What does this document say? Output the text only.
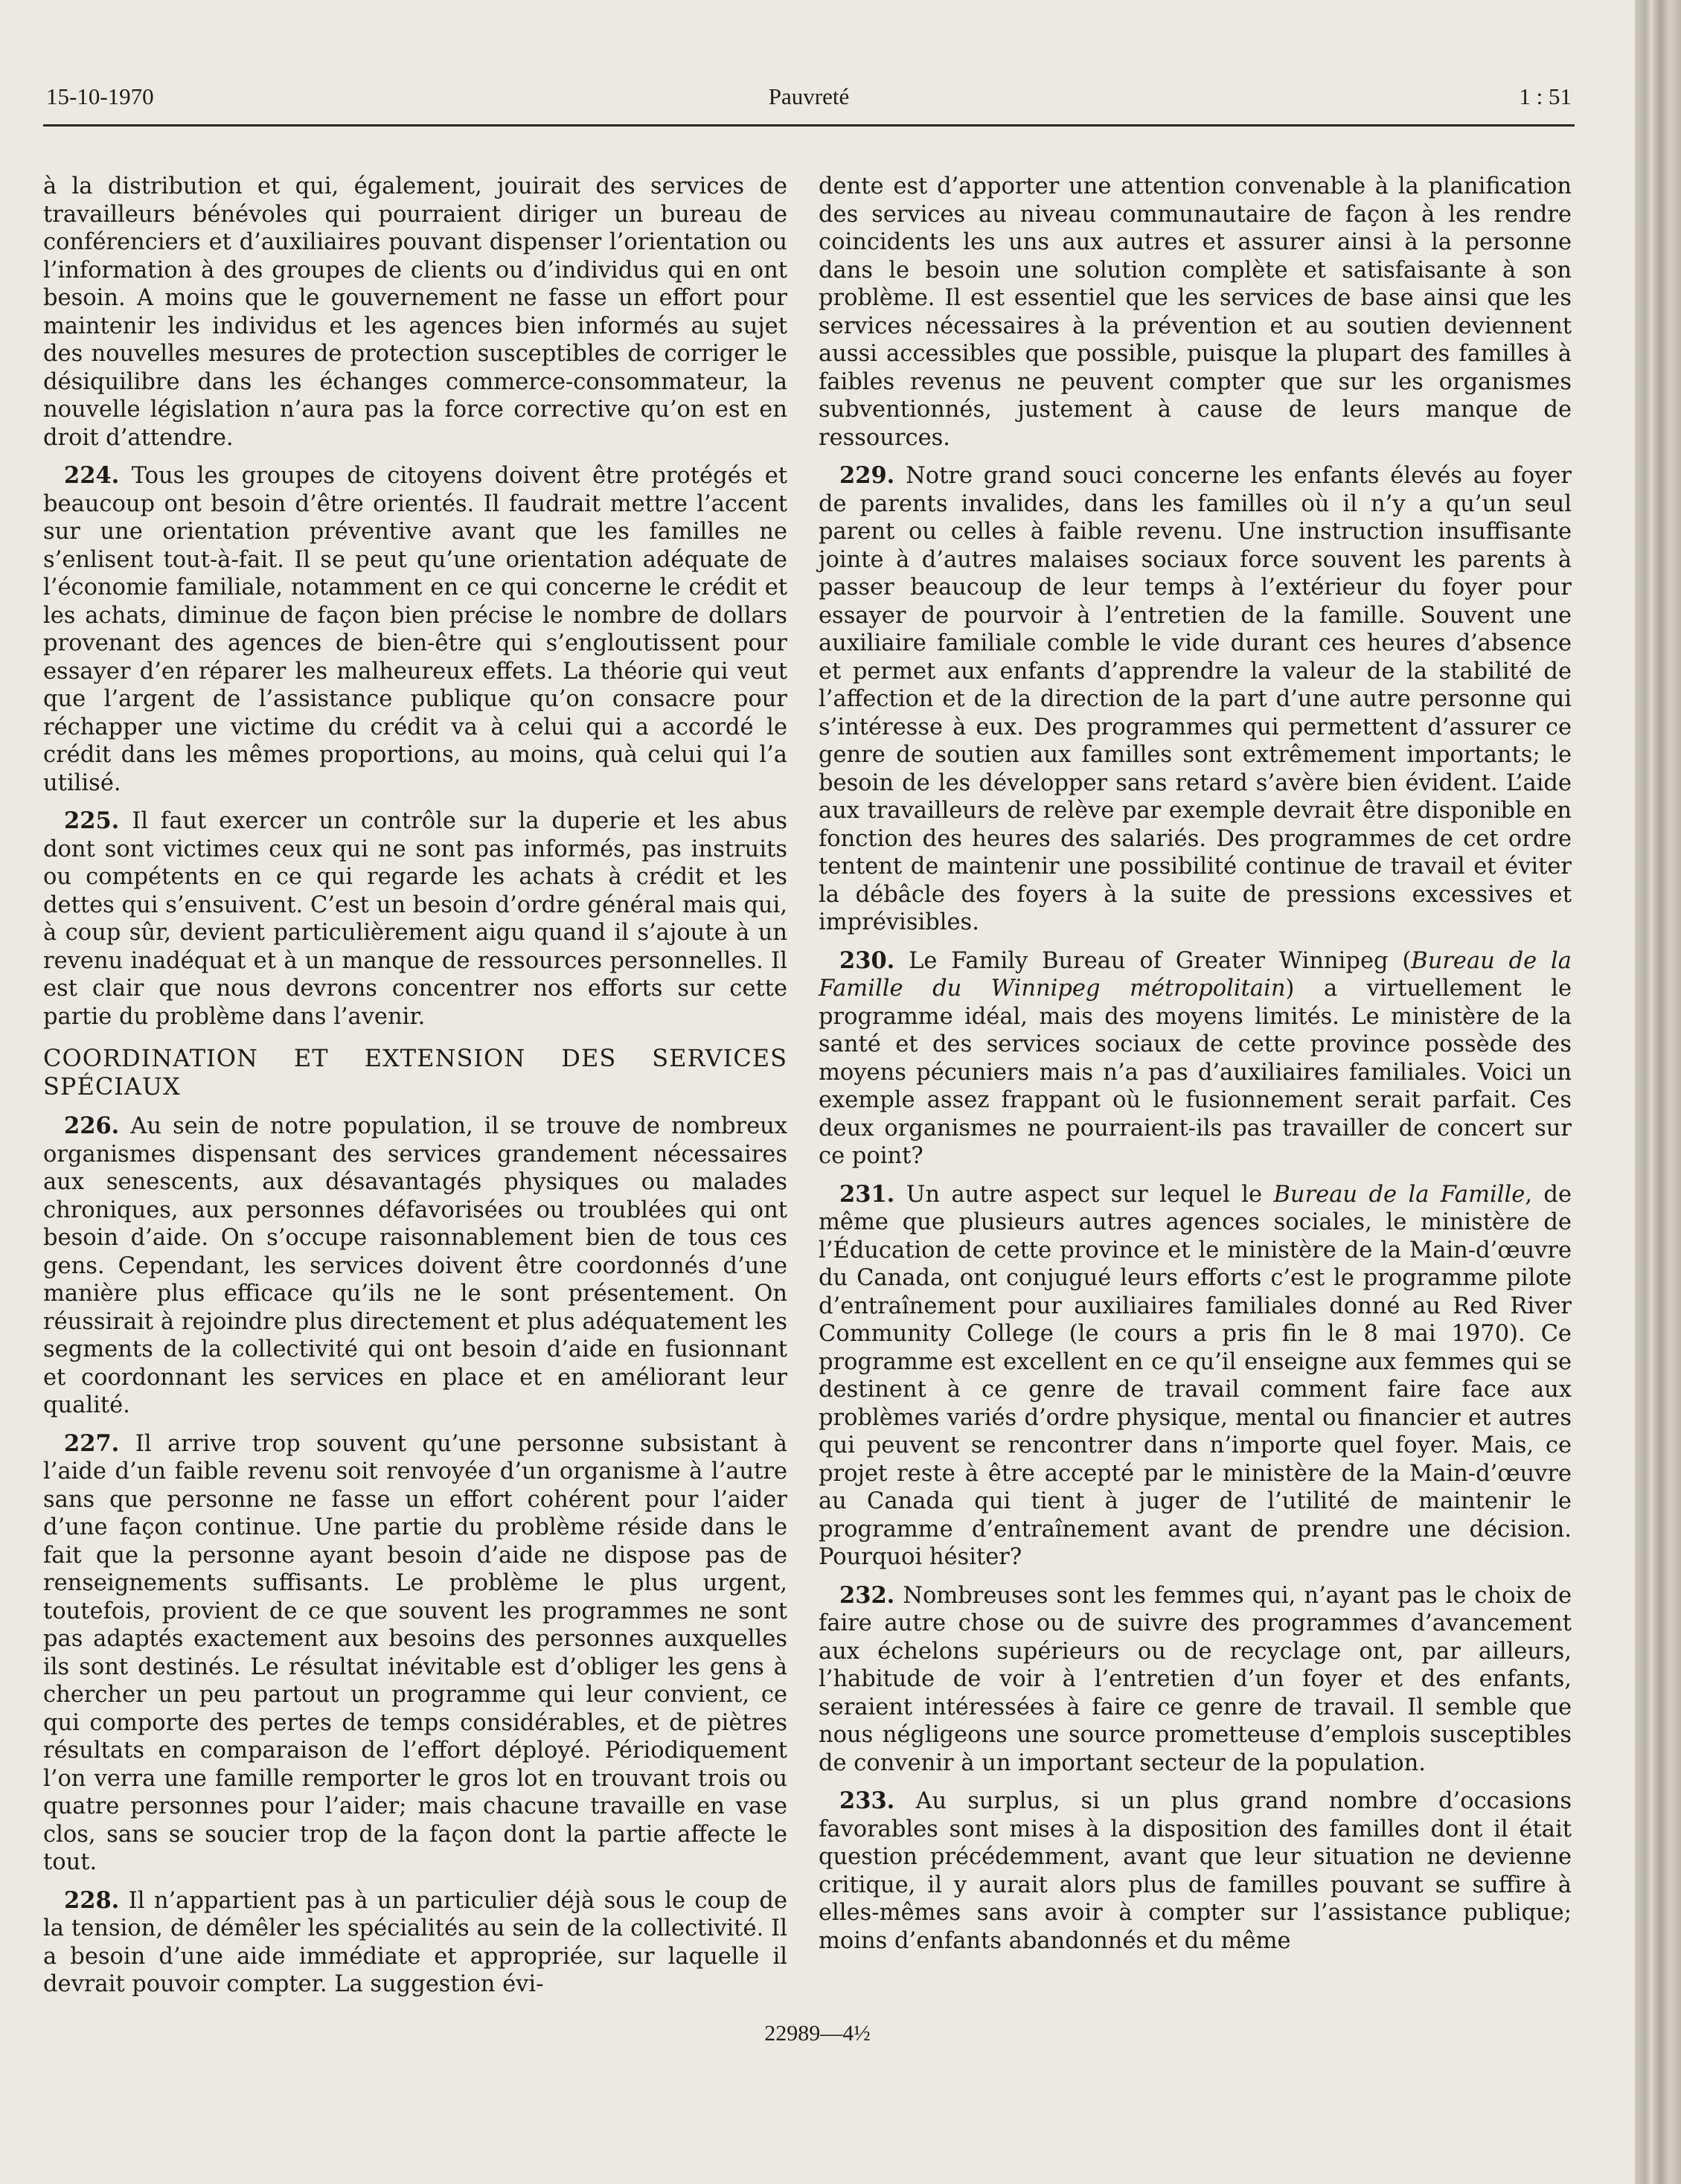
15-10-1970	Pauvreté	1 : 51

à la distribution et qui, également, jouirait des services de travailleurs bénévoles qui pourraient diriger un bureau de conférenciers et d’auxiliaires pouvant dispenser l’orientation ou l’information à des groupes de clients ou d’individus qui en ont besoin. A moins que le gouvernement ne fasse un effort pour maintenir les individus et les agences bien informés au sujet des nouvelles mesures de protection susceptibles de corriger le désiquilibre dans les échanges commerce-consommateur, la nouvelle législation n’aura pas la force corrective qu’on est en droit d’attendre.

224. Tous les groupes de citoyens doivent être protégés et beaucoup ont besoin d’être orientés. Il faudrait mettre l’accent sur une orientation préventive avant que les familles ne s’enlisent tout-à-fait. Il se peut qu’une orientation adéquate de l’économie familiale, notamment en ce qui concerne le crédit et les achats, diminue de façon bien précise le nombre de dollars provenant des agences de bien-être qui s’engloutissent pour essayer d’en réparer les malheureux effets. La théorie qui veut que l’argent de l’assistance publique qu’on consacre pour réchapper une victime du crédit va à celui qui a accordé le crédit dans les mêmes proportions, au moins, quà celui qui l’a utilisé.

225. Il faut exercer un contrôle sur la duperie et les abus dont sont victimes ceux qui ne sont pas informés, pas instruits ou compétents en ce qui regarde les achats à crédit et les dettes qui s’ensuivent. C’est un besoin d’ordre général mais qui, à coup sûr, devient particulièrement aigu quand il s’ajoute à un revenu inadéquat et à un manque de ressources personnelles. Il est clair que nous devrons concentrer nos efforts sur cette partie du problème dans l’avenir.

COORDINATION ET EXTENSION DES SERVICES SPÉCIAUX

226. Au sein de notre population, il se trouve de nombreux organismes dispensant des services grandement nécessaires aux senescents, aux désavantagés physiques ou malades chroniques, aux personnes défavorisées ou troublées qui ont besoin d’aide. On s’occupe raisonnablement bien de tous ces gens. Cependant, les services doivent être coordonnés d’une manière plus efficace qu’ils ne le sont présentement. On réussirait à rejoindre plus directement et plus adéquatement les segments de la collectivité qui ont besoin d’aide en fusionnant et coordonnant les services en place et en améliorant leur qualité.

227. Il arrive trop souvent qu’une personne subsistant à l’aide d’un faible revenu soit renvoyée d’un organisme à l’autre sans que personne ne fasse un effort cohérent pour l’aider d’une façon continue. Une partie du problème réside dans le fait que la personne ayant besoin d’aide ne dispose pas de renseignements suffisants. Le problème le plus urgent, toutefois, provient de ce que souvent les programmes ne sont pas adaptés exactement aux besoins des personnes auxquelles ils sont destinés. Le résultat inévitable est d’obliger les gens à chercher un peu partout un programme qui leur convient, ce qui comporte des pertes de temps considérables, et de piètres résultats en comparaison de l’effort déployé. Périodiquement l’on verra une famille remporter le gros lot en trouvant trois ou quatre personnes pour l’aider; mais chacune travaille en vase clos, sans se soucier trop de la façon dont la partie affecte le tout.

228. Il n’appartient pas à un particulier déjà sous le coup de la tension, de démêler les spécialités au sein de la collectivité. Il a besoin d’une aide immédiate et appropriée, sur laquelle il devrait pouvoir compter. La suggestion évi-

dente est d’apporter une attention convenable à la planification des services au niveau communautaire de façon à les rendre coincidents les uns aux autres et assurer ainsi à la personne dans le besoin une solution complète et satisfaisante à son problème. Il est essentiel que les services de base ainsi que les services nécessaires à la prévention et au soutien deviennent aussi accessibles que possible, puisque la plupart des familles à faibles revenus ne peuvent compter que sur les organismes subventionnés, justement à cause de leurs manque de ressources.

229. Notre grand souci concerne les enfants élevés au foyer de parents invalides, dans les familles où il n’y a qu’un seul parent ou celles à faible revenu. Une instruction insuffisante jointe à d’autres malaises sociaux force souvent les parents à passer beaucoup de leur temps à l’extérieur du foyer pour essayer de pourvoir à l’entretien de la famille. Souvent une auxiliaire familiale comble le vide durant ces heures d’absence et permet aux enfants d’apprendre la valeur de la stabilité de l’affection et de la direction de la part d’une autre personne qui s’intéresse à eux. Des programmes qui permettent d’assurer ce genre de soutien aux familles sont extrêmement importants; le besoin de les développer sans retard s’avère bien évident. L’aide aux travailleurs de relève par exemple devrait être disponible en fonction des heures des salariés. Des programmes de cet ordre tentent de maintenir une possibilité continue de travail et éviter la débâcle des foyers à la suite de pressions excessives et imprévisibles.

230. Le Family Bureau of Greater Winnipeg (Bureau de la Famille du Winnipeg métropolitain) a virtuellement le programme idéal, mais des moyens limités. Le ministère de la santé et des services sociaux de cette province possède des moyens pécuniers mais n’a pas d’auxiliaires familiales. Voici un exemple assez frappant où le fusionnement serait parfait. Ces deux organismes ne pourraient-ils pas travailler de concert sur ce point?

231. Un autre aspect sur lequel le Bureau de la Famille, de même que plusieurs autres agences sociales, le ministère de l’Éducation de cette province et le ministère de la Main-d’œuvre du Canada, ont conjugué leurs efforts c’est le programme pilote d’entraînement pour auxiliaires familiales donné au Red River Community College (le cours a pris fin le 8 mai 1970). Ce programme est excellent en ce qu’il enseigne aux femmes qui se destinent à ce genre de travail comment faire face aux problèmes variés d’ordre physique, mental ou financier et autres qui peuvent se rencontrer dans n’importe quel foyer. Mais, ce projet reste à être accepté par le ministère de la Main-d’œuvre au Canada qui tient à juger de l’utilité de maintenir le programme d’entraînement avant de prendre une décision. Pourquoi hésiter?

232. Nombreuses sont les femmes qui, n’ayant pas le choix de faire autre chose ou de suivre des programmes d’avancement aux échelons supérieurs ou de recyclage ont, par ailleurs, l’habitude de voir à l’entretien d’un foyer et des enfants, seraient intéressées à faire ce genre de travail. Il semble que nous négligeons une source prometteuse d’emplois susceptibles de convenir à un important secteur de la population.

233. Au surplus, si un plus grand nombre d’occasions favorables sont mises à la disposition des familles dont il était question précédemment, avant que leur situation ne devienne critique, il y aurait alors plus de familles pouvant se suffire à elles-mêmes sans avoir à compter sur l’assistance publique; moins d’enfants abandonnés et du même

22989—4½
